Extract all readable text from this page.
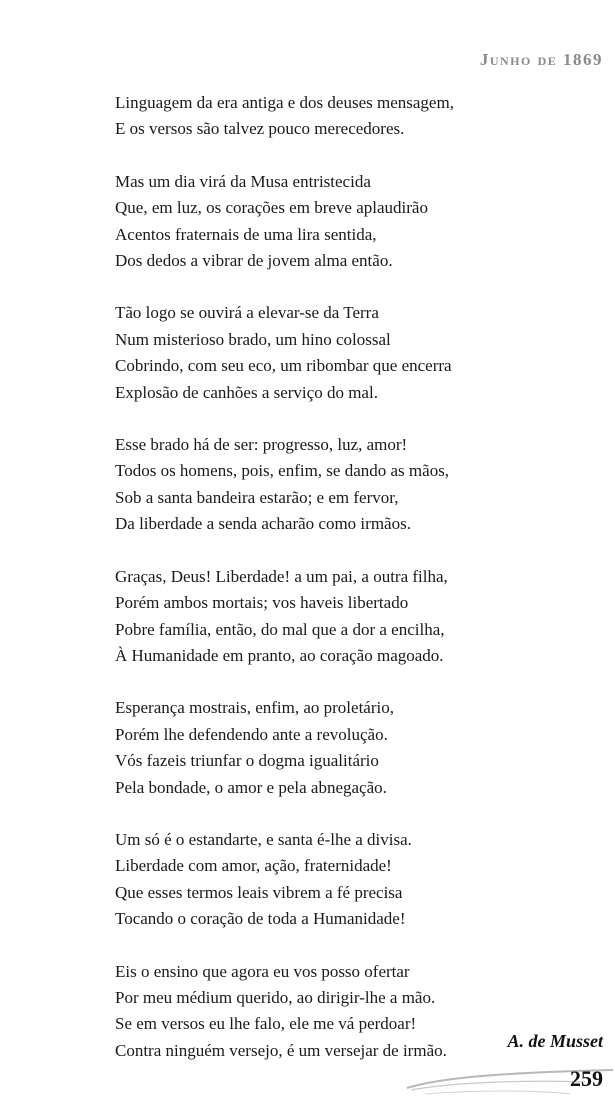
Junho de 1869
Linguagem da era antiga e dos deuses mensagem,
E os versos são talvez pouco merecedores.
Mas um dia virá da Musa entristecida
Que, em luz, os corações em breve aplaudirão
Acentos fraternais de uma lira sentida,
Dos dedos a vibrar de jovem alma então.
Tão logo se ouvirá a elevar-se da Terra
Num misterioso brado, um hino colossal
Cobrindo, com seu eco, um ribombar que encerra
Explosão de canhões a serviço do mal.
Esse brado há de ser: progresso, luz, amor!
Todos os homens, pois, enfim, se dando as mãos,
Sob a santa bandeira estarão; e em fervor,
Da liberdade a senda acharão como irmãos.
Graças, Deus! Liberdade! a um pai, a outra filha,
Porém ambos mortais; vos haveis libertado
Pobre família, então, do mal que a dor a encilha,
À Humanidade em pranto, ao coração magoado.
Esperança mostrais, enfim, ao proletário,
Porém lhe defendendo ante a revolução.
Vós fazeis triunfar o dogma igualitário
Pela bondade, o amor e pela abnegação.
Um só é o estandarte, e santa é-lhe a divisa.
Liberdade com amor, ação, fraternidade!
Que esses termos leais vibrem a fé precisa
Tocando o coração de toda a Humanidade!
Eis o ensino que agora eu vos posso ofertar
Por meu médium querido, ao dirigir-lhe a mão.
Se em versos eu lhe falo, ele me vá perdoar!
Contra ninguém versejo, é um versejar de irmão.	A. de Musset
259
